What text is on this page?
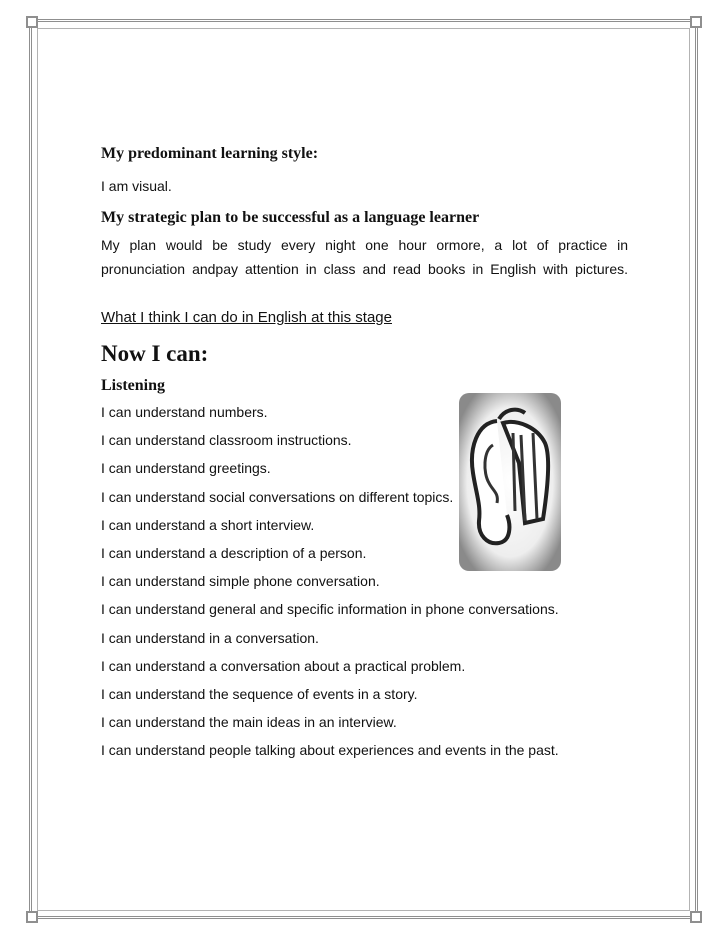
My predominant learning style:

I am visual.

My strategic plan to be successful as a language learner
My plan would be study every night one hour ormore, a lot of practice in
pronunciation andpay attention in class and read books in English with pictures.

What I think I can do in English at this stage

Now I can:
Listening
I can understand numbers.
I can understand classroom instructions.
I can understand greetings.
I can understand social conversations on different topics.
I can understand a short interview.
I can understand a description of a person.
I can understand simple phone conversation.
I can understand general and specific information in phone conversations.
I can understand in a conversation.
I can understand a conversation about a practical problem.
I can understand the sequence of events in a story.
I can understand the main ideas in an interview.
I can understand people talking about experiences and events in the past.
